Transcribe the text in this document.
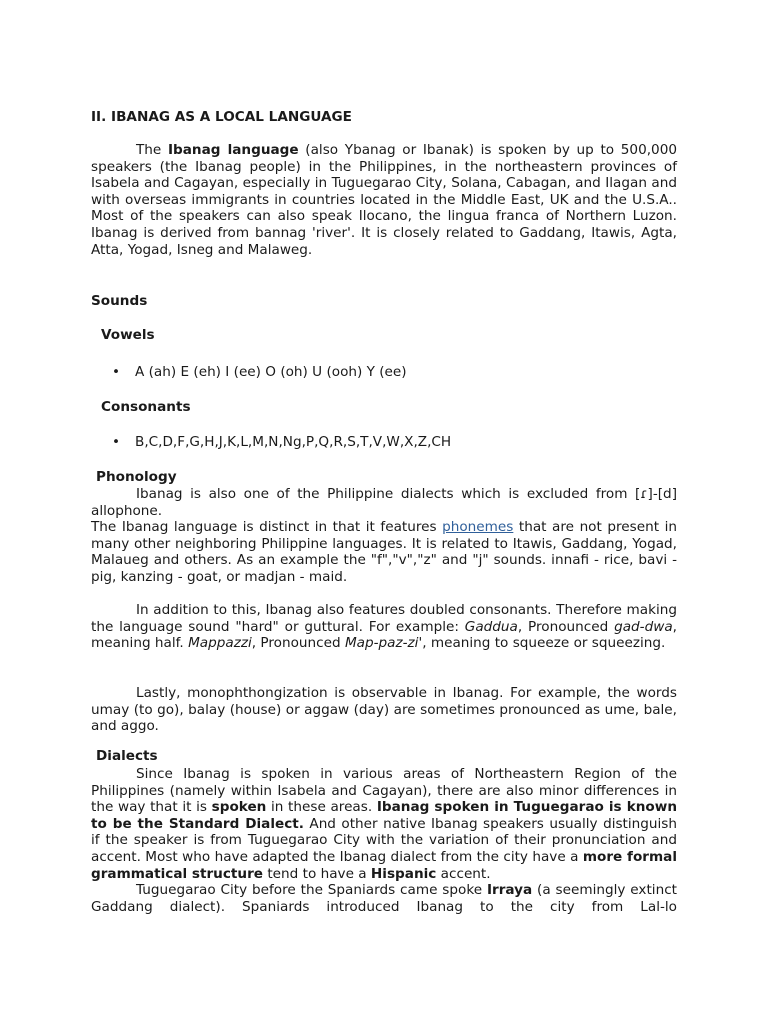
II. IBANAG AS A LOCAL LANGUAGE

The Ibanag language (also Ybanag or Ibanak) is spoken by up to 500,000 speakers (the Ibanag people) in the Philippines, in the northeastern provinces of Isabela and Cagayan, especially in Tuguegarao City, Solana, Cabagan, and Ilagan and with overseas immigrants in countries located in the Middle East, UK and the U.S.A.. Most of the speakers can also speak Ilocano, the lingua franca of Northern Luzon. Ibanag is derived from bannag 'river'. It is closely related to Gaddang, Itawis, Agta, Atta, Yogad, Isneg and Malaweg.

Sounds
Vowels
• A (ah) E (eh) I (ee) O (oh) U (ooh) Y (ee)
Consonants
• B,C,D,F,G,H,J,K,L,M,N,Ng,P,Q,R,S,T,V,W,X,Z,CH
Phonology

Ibanag is also one of the Philippine dialects which is excluded from [ɾ]-[d] allophone.

The Ibanag language is distinct in that it features phonemes that are not present in many other neighboring Philippine languages. It is related to Itawis, Gaddang, Yogad, Malaueg and others. As an example the "f","v","z" and "j" sounds. innafi - rice, bavi - pig, kanzing - goat, or madjan - maid.

In addition to this, Ibanag also features doubled consonants. Therefore making the language sound "hard" or guttural. For example: Gaddua, Pronounced gad-dwa, meaning half. Mappazzi, Pronounced Map-paz-zi', meaning to squeeze or squeezing.

Lastly, monophthongization is observable in Ibanag. For example, the words umay (to go), balay (house) or aggaw (day) are sometimes pronounced as ume, bale, and aggo.

Dialects

Since Ibanag is spoken in various areas of Northeastern Region of the Philippines (namely within Isabela and Cagayan), there are also minor differences in the way that it is spoken in these areas. Ibanag spoken in Tuguegarao is known to be the Standard Dialect. And other native Ibanag speakers usually distinguish if the speaker is from Tuguegarao City with the variation of their pronunciation and accent. Most who have adapted the Ibanag dialect from the city have a more formal grammatical structure tend to have a Hispanic accent.

Tuguegarao City before the Spaniards came spoke Irraya (a seemingly extinct Gaddang dialect). Spaniards introduced Ibanag to the city from Lal-lo
